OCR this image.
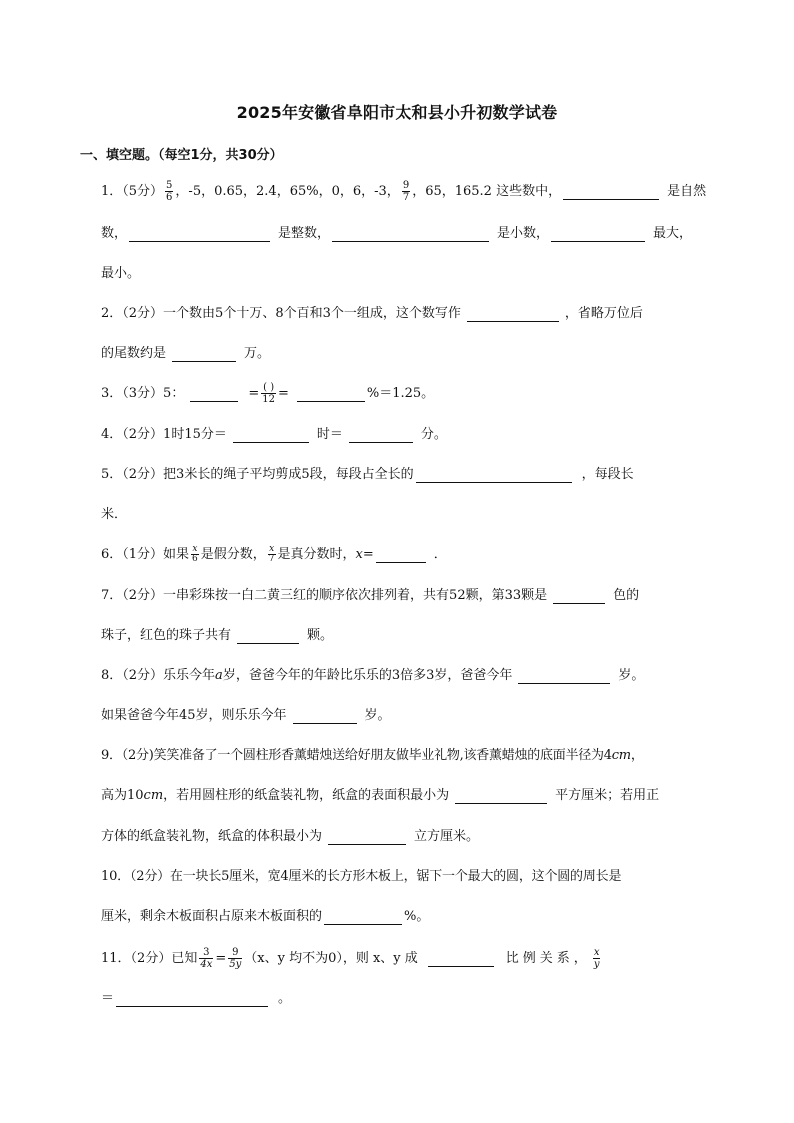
2025年安徽省阜阳市太和县小升初数学试卷
一、填空题。（每空1分，共30分）
1．（5分） $\frac{5}{6}$ ，-5，0.65，2.4，65%，0，6，-3， $\frac{9}{7}$ ，65，165.2 这些数中，	是自然
数，	是整数，	是小数，	最大，
最小。
2．（2分）一个数由5个十万、8个百和3个一组成，这个数写作	，省略万位后
的尾数约是	万。
3．（3分）5：	= $\frac{( )}{12}$ =	%＝1.25。
4．（2分）1时15分＝	时＝	分。
5．（2分）把3米长的绳子平均剪成5段，每段占全长的	，每段长
米．
6．（1分）如果 $\frac{x}{6}$ 是假分数， $\frac{x}{7}$ 是真分数时， x =	．
7．（2分）一串彩珠按一白二黄三红的顺序依次排列着，共有52颗，第33颗是	色的
珠子，红色的珠子共有	颗。
8．（2分）乐乐今年 a 岁，爸爸今年的年龄比乐乐的3倍多3岁，爸爸今年	岁。
如果爸爸今年45岁，则乐乐今年	岁。
9．（2分)笑笑准备了一个圆柱形香薰蜡烛送给好朋友做毕业礼物,该香薰蜡烛的底面半径为4 cm ，
高为10 cm ，若用圆柱形的纸盒装礼物，纸盒的表面积最小为	平方厘米；若用正
方体的纸盒装礼物，纸盒的体积最小为	立方厘米。
10．（2分）在一块长5厘米，宽4厘米的长方形木板上，锯下一个最大的圆，这个圆的周长是
厘米，剩余木板面积占原来木板面积的	%。
11．（2分）已知 $\frac{3}{4x} = \frac{9}{5y} (x$、y 均不为0），则 x、y 成	比例关系， $\frac{x}{y}$
＝	。
